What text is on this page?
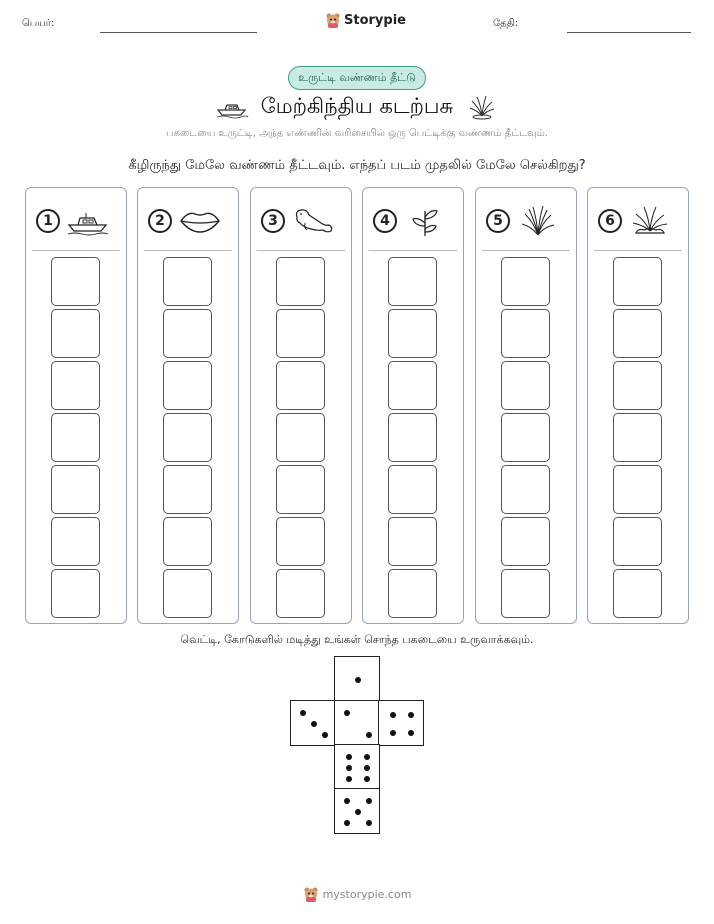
பெயர்:	Storypie	தேதி:
உருட்டி வண்ணம் தீட்டு
மேற்கிந்திய கடற்பசு
பகடையை உருட்டி, அந்த எண்ணின் வரிசையில் ஒரு பெட்டிக்கு வண்ணம் தீட்டவும்.
கீழிருந்து மேலே வண்ணம் தீட்டவும். எந்தப் படம் முதலில் மேலே செல்கிறது?
1	2	3	4	5	6
வெட்டி, கோடுகளில் மடித்து உங்கள் சொந்த பகடையை உருவாக்கவும்.
mystorypie.com
